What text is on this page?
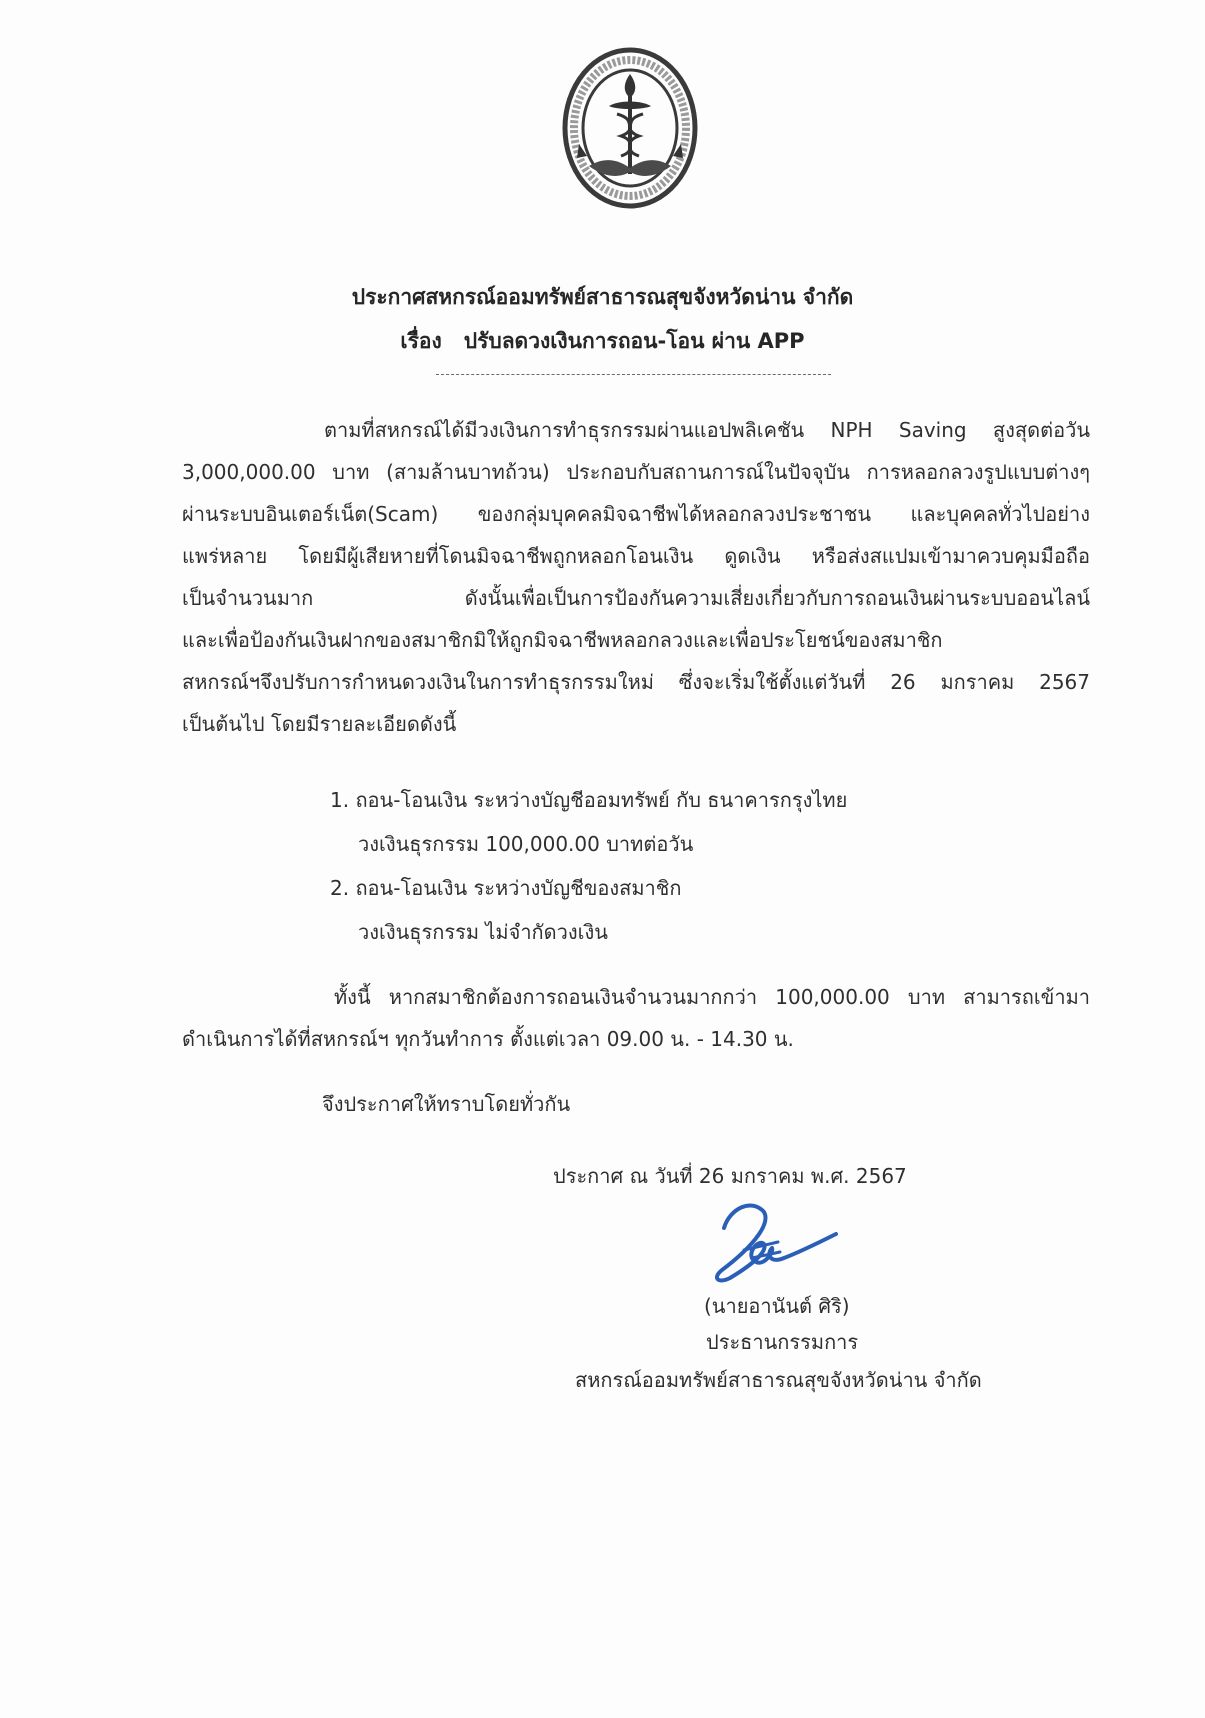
ประกาศสหกรณ์ออมทรัพย์สาธารณสุขจังหวัดน่าน จำกัด
เรื่อง ปรับลดวงเงินการถอน-โอน ผ่าน APP
ตามที่สหกรณ์ได้มีวงเงินการทำธุรกรรมผ่านแอปพลิเคชัน NPH Saving สูงสุดต่อวัน
3,000,000.00 บาท (สามล้านบาทถ้วน) ประกอบกับสถานการณ์ในปัจจุบัน การหลอกลวงรูปแบบต่างๆ
ผ่านระบบอินเตอร์เน็ต(Scam) ของกลุ่มบุคคลมิจฉาชีพได้หลอกลวงประชาชน และบุคคลทั่วไปอย่าง
แพร่หลาย โดยมีผู้เสียหายที่โดนมิจฉาชีพถูกหลอกโอนเงิน ดูดเงิน หรือส่งสแปมเข้ามาควบคุมมือถือ
เป็นจำนวนมาก ดังนั้นเพื่อเป็นการป้องกันความเสี่ยงเกี่ยวกับการถอนเงินผ่านระบบออนไลน์
และเพื่อป้องกันเงินฝากของสมาชิกมิให้ถูกมิจฉาชีพหลอกลวงและเพื่อประโยชน์ของสมาชิก
สหกรณ์ฯจึงปรับการกำหนดวงเงินในการทำธุรกรรมใหม่ ซึ่งจะเริ่มใช้ตั้งแต่วันที่ 26 มกราคม 2567
เป็นต้นไป โดยมีรายละเอียดดังนี้
1. ถอน-โอนเงิน ระหว่างบัญชีออมทรัพย์ กับ ธนาคารกรุงไทย
วงเงินธุรกรรม 100,000.00 บาทต่อวัน
2. ถอน-โอนเงิน ระหว่างบัญชีของสมาชิก
วงเงินธุรกรรม ไม่จำกัดวงเงิน
ทั้งนี้ หากสมาชิกต้องการถอนเงินจำนวนมากกว่า 100,000.00 บาท สามารถเข้ามา
ดำเนินการได้ที่สหกรณ์ฯ ทุกวันทำการ ตั้งแต่เวลา 09.00 น. - 14.30 น.
จึงประกาศให้ทราบโดยทั่วกัน
ประกาศ ณ วันที่ 26 มกราคม พ.ศ. 2567
(นายอานันต์ ศิริ)
ประธานกรรมการ
สหกรณ์ออมทรัพย์สาธารณสุขจังหวัดน่าน จำกัด
